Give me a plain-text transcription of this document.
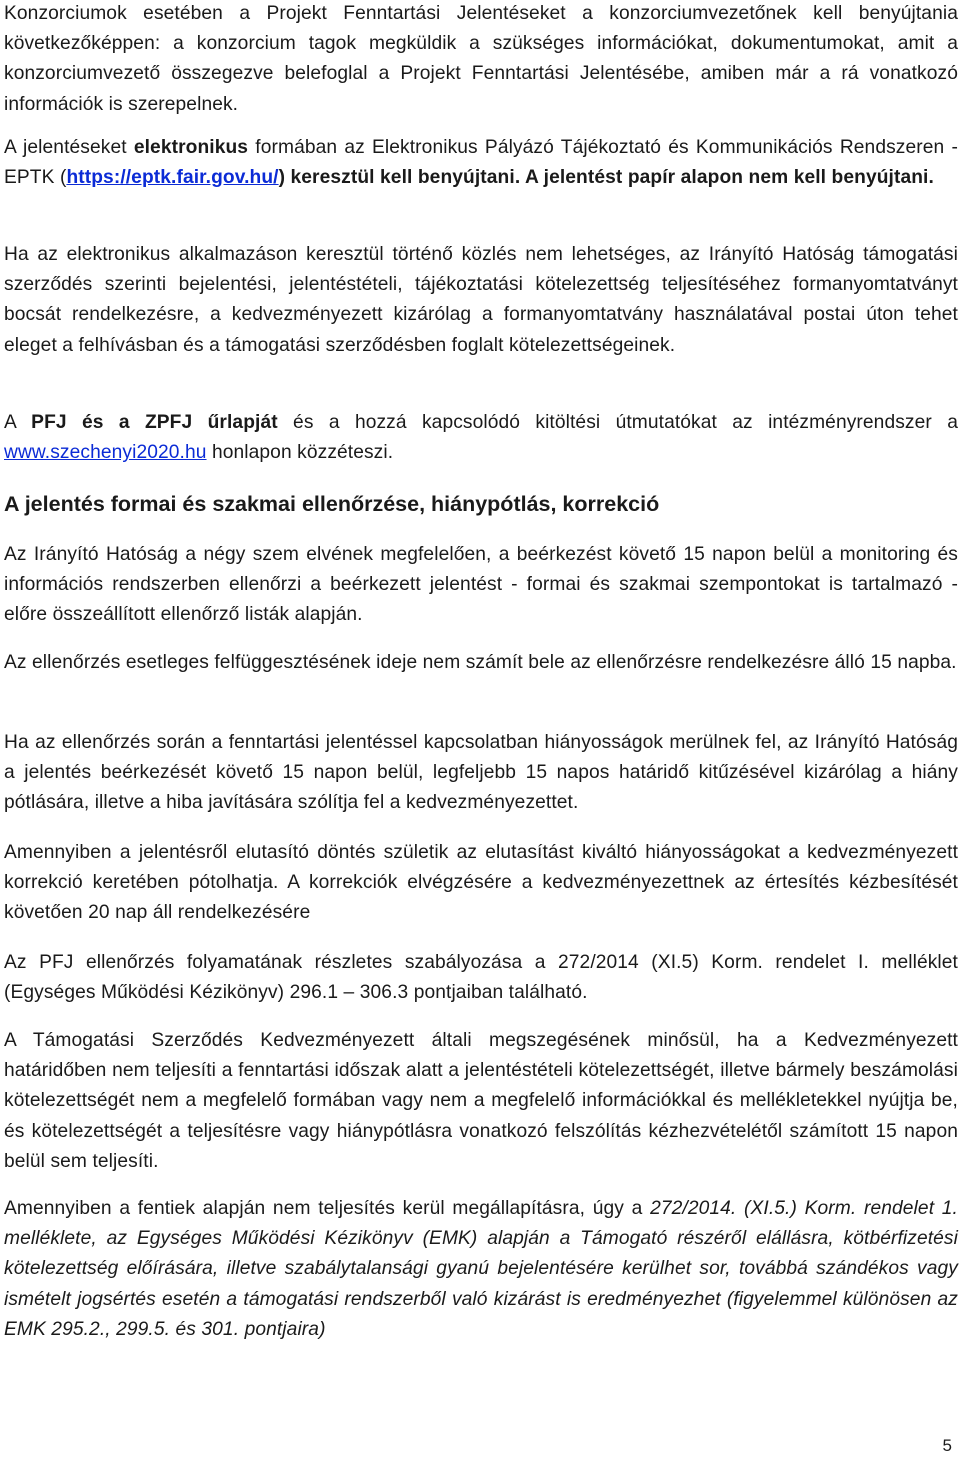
Konzorciumok esetében a Projekt Fenntartási Jelentéseket a konzorciumvezetőnek kell benyújtania következőképpen: a konzorcium tagok megküldik a szükséges információkat, dokumentumokat, amit a konzorciumvezető összegezve belefoglal a Projekt Fenntartási Jelentésébe, amiben már a rá vonatkozó információk is szerepelnek.

A jelentéseket elektronikus formában az Elektronikus Pályázó Tájékoztató és Kommunikációs Rendszeren - EPTK (https://eptk.fair.gov.hu/) keresztül kell benyújtani. A jelentést papír alapon nem kell benyújtani.

Ha az elektronikus alkalmazáson keresztül történő közlés nem lehetséges, az Irányító Hatóság támogatási szerződés szerinti bejelentési, jelentéstételi, tájékoztatási kötelezettség teljesítéséhez formanyomtatványt bocsát rendelkezésre, a kedvezményezett kizárólag a formanyomtatvány használatával postai úton tehet eleget a felhívásban és a támogatási szerződésben foglalt kötelezettségeinek.

A PFJ és a ZPFJ űrlapját és a hozzá kapcsolódó kitöltési útmutatókat az intézményrendszer a www.szechenyi2020.hu honlapon közzéteszi.

A jelentés formai és szakmai ellenőrzése, hiánypótlás, korrekció

Az Irányító Hatóság a négy szem elvének megfelelően, a beérkezést követő 15 napon belül a monitoring és információs rendszerben ellenőrzi a beérkezett jelentést - formai és szakmai szempontokat is tartalmazó - előre összeállított ellenőrző listák alapján.

Az ellenőrzés esetleges felfüggesztésének ideje nem számít bele az ellenőrzésre rendelkezésre álló 15 napba.

Ha az ellenőrzés során a fenntartási jelentéssel kapcsolatban hiányosságok merülnek fel, az Irányító Hatóság a jelentés beérkezését követő 15 napon belül, legfeljebb 15 napos határidő kitűzésével kizárólag a hiány pótlására, illetve a hiba javítására szólítja fel a kedvezményezettet.

Amennyiben a jelentésről elutasító döntés születik az elutasítást kiváltó hiányosságokat a kedvezményezett korrekció keretében pótolhatja. A korrekciók elvégzésére a kedvezményezettnek az értesítés kézbesítését követően 20 nap áll rendelkezésére

Az PFJ ellenőrzés folyamatának részletes szabályozása a 272/2014 (XI.5) Korm. rendelet I. melléklet (Egységes Működési Kézikönyv) 296.1 – 306.3 pontjaiban található.

A Támogatási Szerződés Kedvezményezett általi megszegésének minősül, ha a Kedvezményezett határidőben nem teljesíti a fenntartási időszak alatt a jelentéstételi kötelezettségét, illetve bármely beszámolási kötelezettségét nem a megfelelő formában vagy nem a megfelelő információkkal és mellékletekkel nyújtja be, és kötelezettségét a teljesítésre vagy hiánypótlásra vonatkozó felszólítás kézhezvételétől számított 15 napon belül sem teljesíti.

Amennyiben a fentiek alapján nem teljesítés kerül megállapításra, úgy a 272/2014. (XI.5.) Korm. rendelet 1. melléklete, az Egységes Működési Kézikönyv (EMK) alapján a Támogató részéről elállásra, kötbérfizetési kötelezettség előírására, illetve szabálytalansági gyanú bejelentésére kerülhet sor, továbbá szándékos vagy ismételt jogsértés esetén a támogatási rendszerből való kizárást is eredményezhet (figyelemmel különösen az EMK 295.2., 299.5. és 301. pontjaira)

5
